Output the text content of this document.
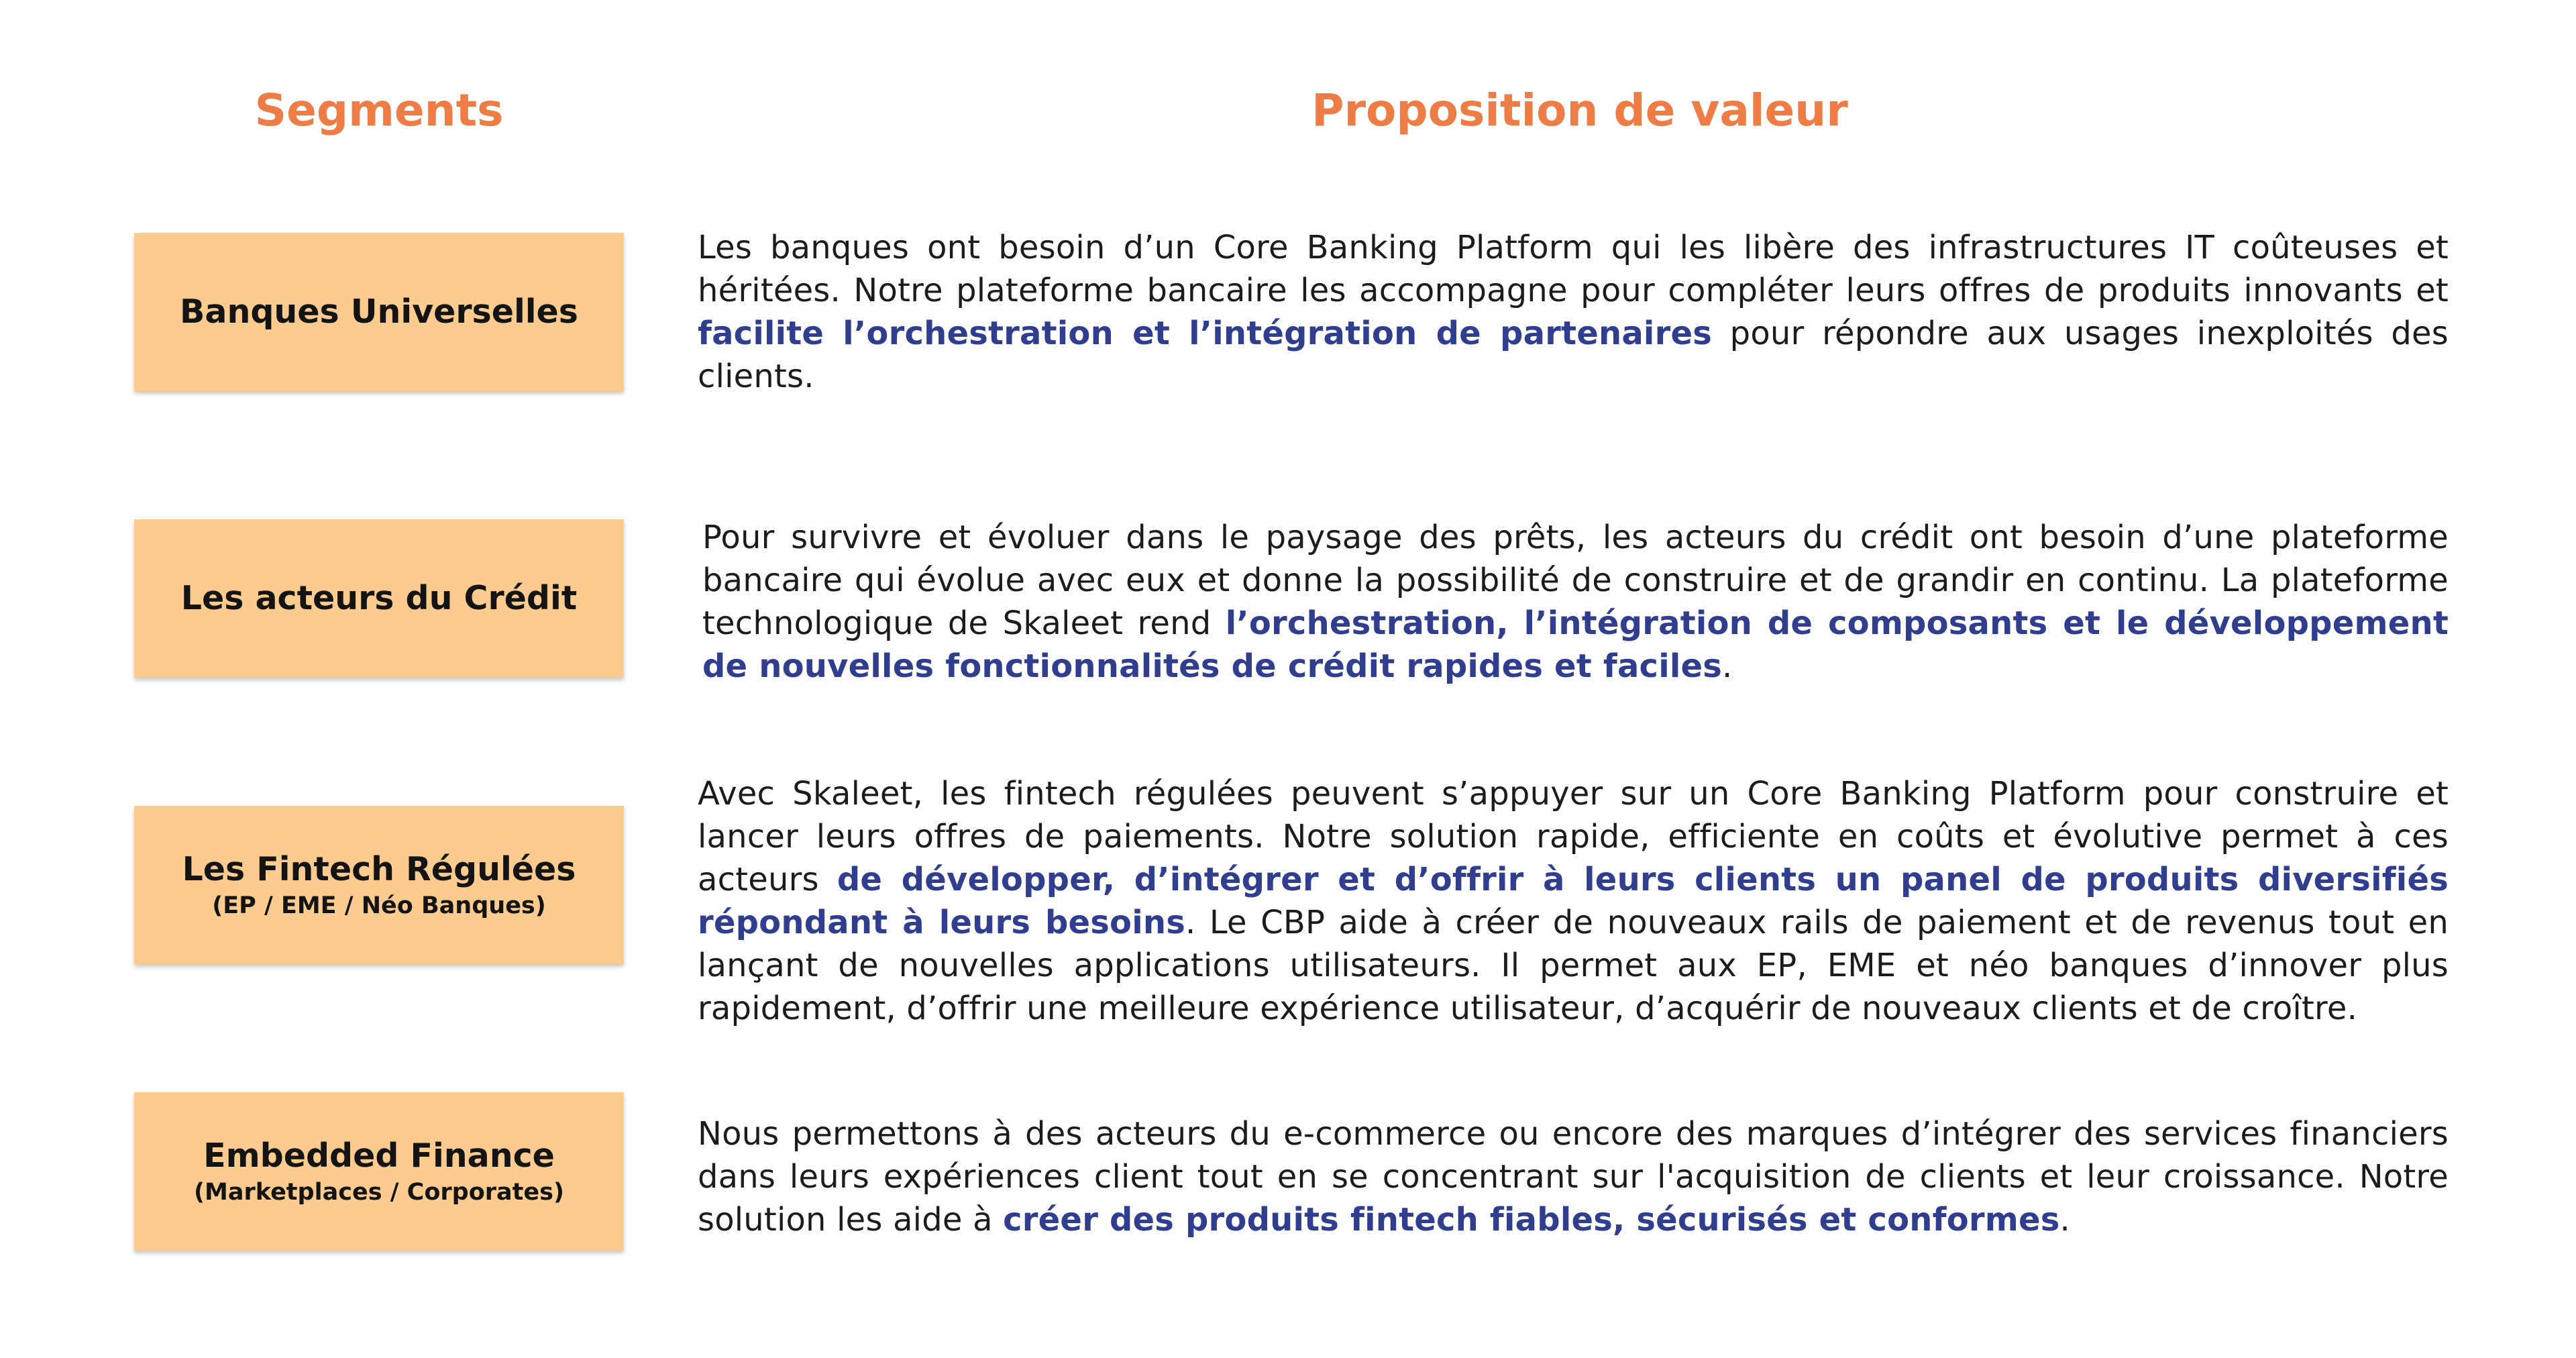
Segments	Proposition de valeur
Banques Universelles

Les banques ont besoin d’un Core Banking Platform qui les libère des infrastructures IT coûteuses et héritées. Notre plateforme bancaire les accompagne pour compléter leurs offres de produits innovants et facilite l’orchestration et l’intégration de partenaires pour répondre aux usages inexploités des clients.

Les acteurs du Crédit

Pour survivre et évoluer dans le paysage des prêts, les acteurs du crédit ont besoin d’une plateforme bancaire qui évolue avec eux et donne la possibilité de construire et de grandir en continu. La plateforme technologique de Skaleet rend l’orchestration, l’intégration de composants et le développement de nouvelles fonctionnalités de crédit rapides et faciles.

Les Fintech Régulées
(EP / EME / Néo Banques)

Avec Skaleet, les fintech régulées peuvent s’appuyer sur un Core Banking Platform pour construire et lancer leurs offres de paiements. Notre solution rapide, efficiente en coûts et évolutive permet à ces acteurs de développer, d’intégrer et d’offrir à leurs clients un panel de produits diversifiés répondant à leurs besoins. Le CBP aide à créer de nouveaux rails de paiement et de revenus tout en lançant de nouvelles applications utilisateurs. Il permet aux EP, EME et néo banques d’innover plus rapidement, d’offrir une meilleure expérience utilisateur, d’acquérir de nouveaux clients et de croître.

Embedded Finance
(Marketplaces / Corporates)

Nous permettons à des acteurs du e-commerce ou encore des marques d’intégrer des services financiers dans leurs expériences client tout en se concentrant sur l'acquisition de clients et leur croissance. Notre solution les aide à créer des produits fintech fiables, sécurisés et conformes.
